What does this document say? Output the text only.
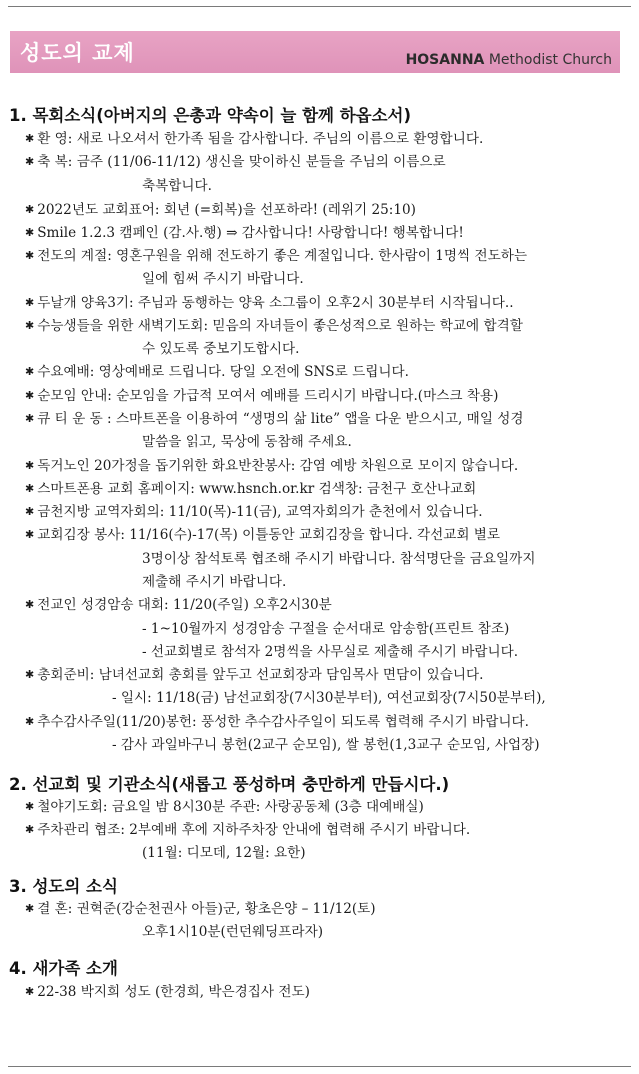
성도의 교제	HOSANNA Methodist Church
1. 목회소식(아버지의 은총과 약속이 늘 함께 하옵소서)
✱ 환 영: 새로 나오셔서 한가족 됨을 감사합니다. 주님의 이름으로 환영합니다.
✱ 축 복: 금주 (11/06-11/12) 생신을 맞이하신 분들을 주님의 이름으로
축복합니다.
✱ 2022년도 교회표어: 회년 (=회복)을 선포하라! (레위기 25:10)
✱ Smile 1.2.3 캠페인 (감.사.행) ⇒ 감사합니다! 사랑합니다! 행복합니다!
✱ 전도의 계절: 영혼구원을 위해 전도하기 좋은 계절입니다. 한사람이 1명씩 전도하는
일에 힘써 주시기 바랍니다.
✱ 두날개 양육3기: 주님과 동행하는 양육 소그룹이 오후2시 30분부터 시작됩니다..
✱ 수능생들을 위한 새벽기도회: 믿음의 자녀들이 좋은성적으로 원하는 학교에 합격할
수 있도록 중보기도합시다.
✱ 수요예배: 영상예배로 드립니다. 당일 오전에 SNS로 드립니다.
✱ 순모임 안내: 순모임을 가급적 모여서 예배를 드리시기 바랍니다.(마스크 착용)
✱ 큐 티 운 동 : 스마트폰을 이용하여 “생명의 삶 lite” 앱을 다운 받으시고, 매일 성경
말씀을 읽고, 묵상에 동참해 주세요.
✱ 독거노인 20가정을 돕기위한 화요반찬봉사: 감염 예방 차원으로 모이지 않습니다.
✱ 스마트폰용 교회 홈페이지: www.hsnch.or.kr 검색창: 금천구 호산나교회
✱ 금천지방 교역자회의: 11/10(목)-11(금), 교역자회의가 춘천에서 있습니다.
✱ 교회김장 봉사: 11/16(수)-17(목) 이틀동안 교회김장을 합니다. 각선교회 별로
3명이상 참석토록 협조해 주시기 바랍니다. 참석명단을 금요일까지
제출해 주시기 바랍니다.
✱ 전교인 성경암송 대회: 11/20(주일) 오후2시30분
- 1~10월까지 성경암송 구절을 순서대로 암송함(프린트 참조)
- 선교회별로 참석자 2명씩을 사무실로 제출해 주시기 바랍니다.
✱ 총회준비: 남녀선교회 총회를 앞두고 선교회장과 담임목사 면담이 있습니다.
- 일시: 11/18(금) 남선교회장(7시30분부터), 여선교회장(7시50분부터),
✱ 추수감사주일(11/20)봉헌: 풍성한 추수감사주일이 되도록 협력해 주시기 바랍니다.
- 감사 과일바구니 봉헌(2교구 순모임), 쌀 봉헌(1,3교구 순모임, 사업장)
2. 선교회 및 기관소식(새롭고 풍성하며 충만하게 만듭시다.)
✱ 철야기도회: 금요일 밤 8시30분 주관: 사랑공동체 (3층 대예배실)
✱ 주차관리 협조: 2부예배 후에 지하주차장 안내에 협력해 주시기 바랍니다.
(11월: 디모데, 12월: 요한)
3. 성도의 소식
✱ 결 혼: 권혁준(강순천권사 아들)군, 황초은양 – 11/12(토)
오후1시10분(런던웨딩프라자)
4. 새가족 소개
✱ 22-38 박지희 성도 (한경희, 박은경집사 전도)
